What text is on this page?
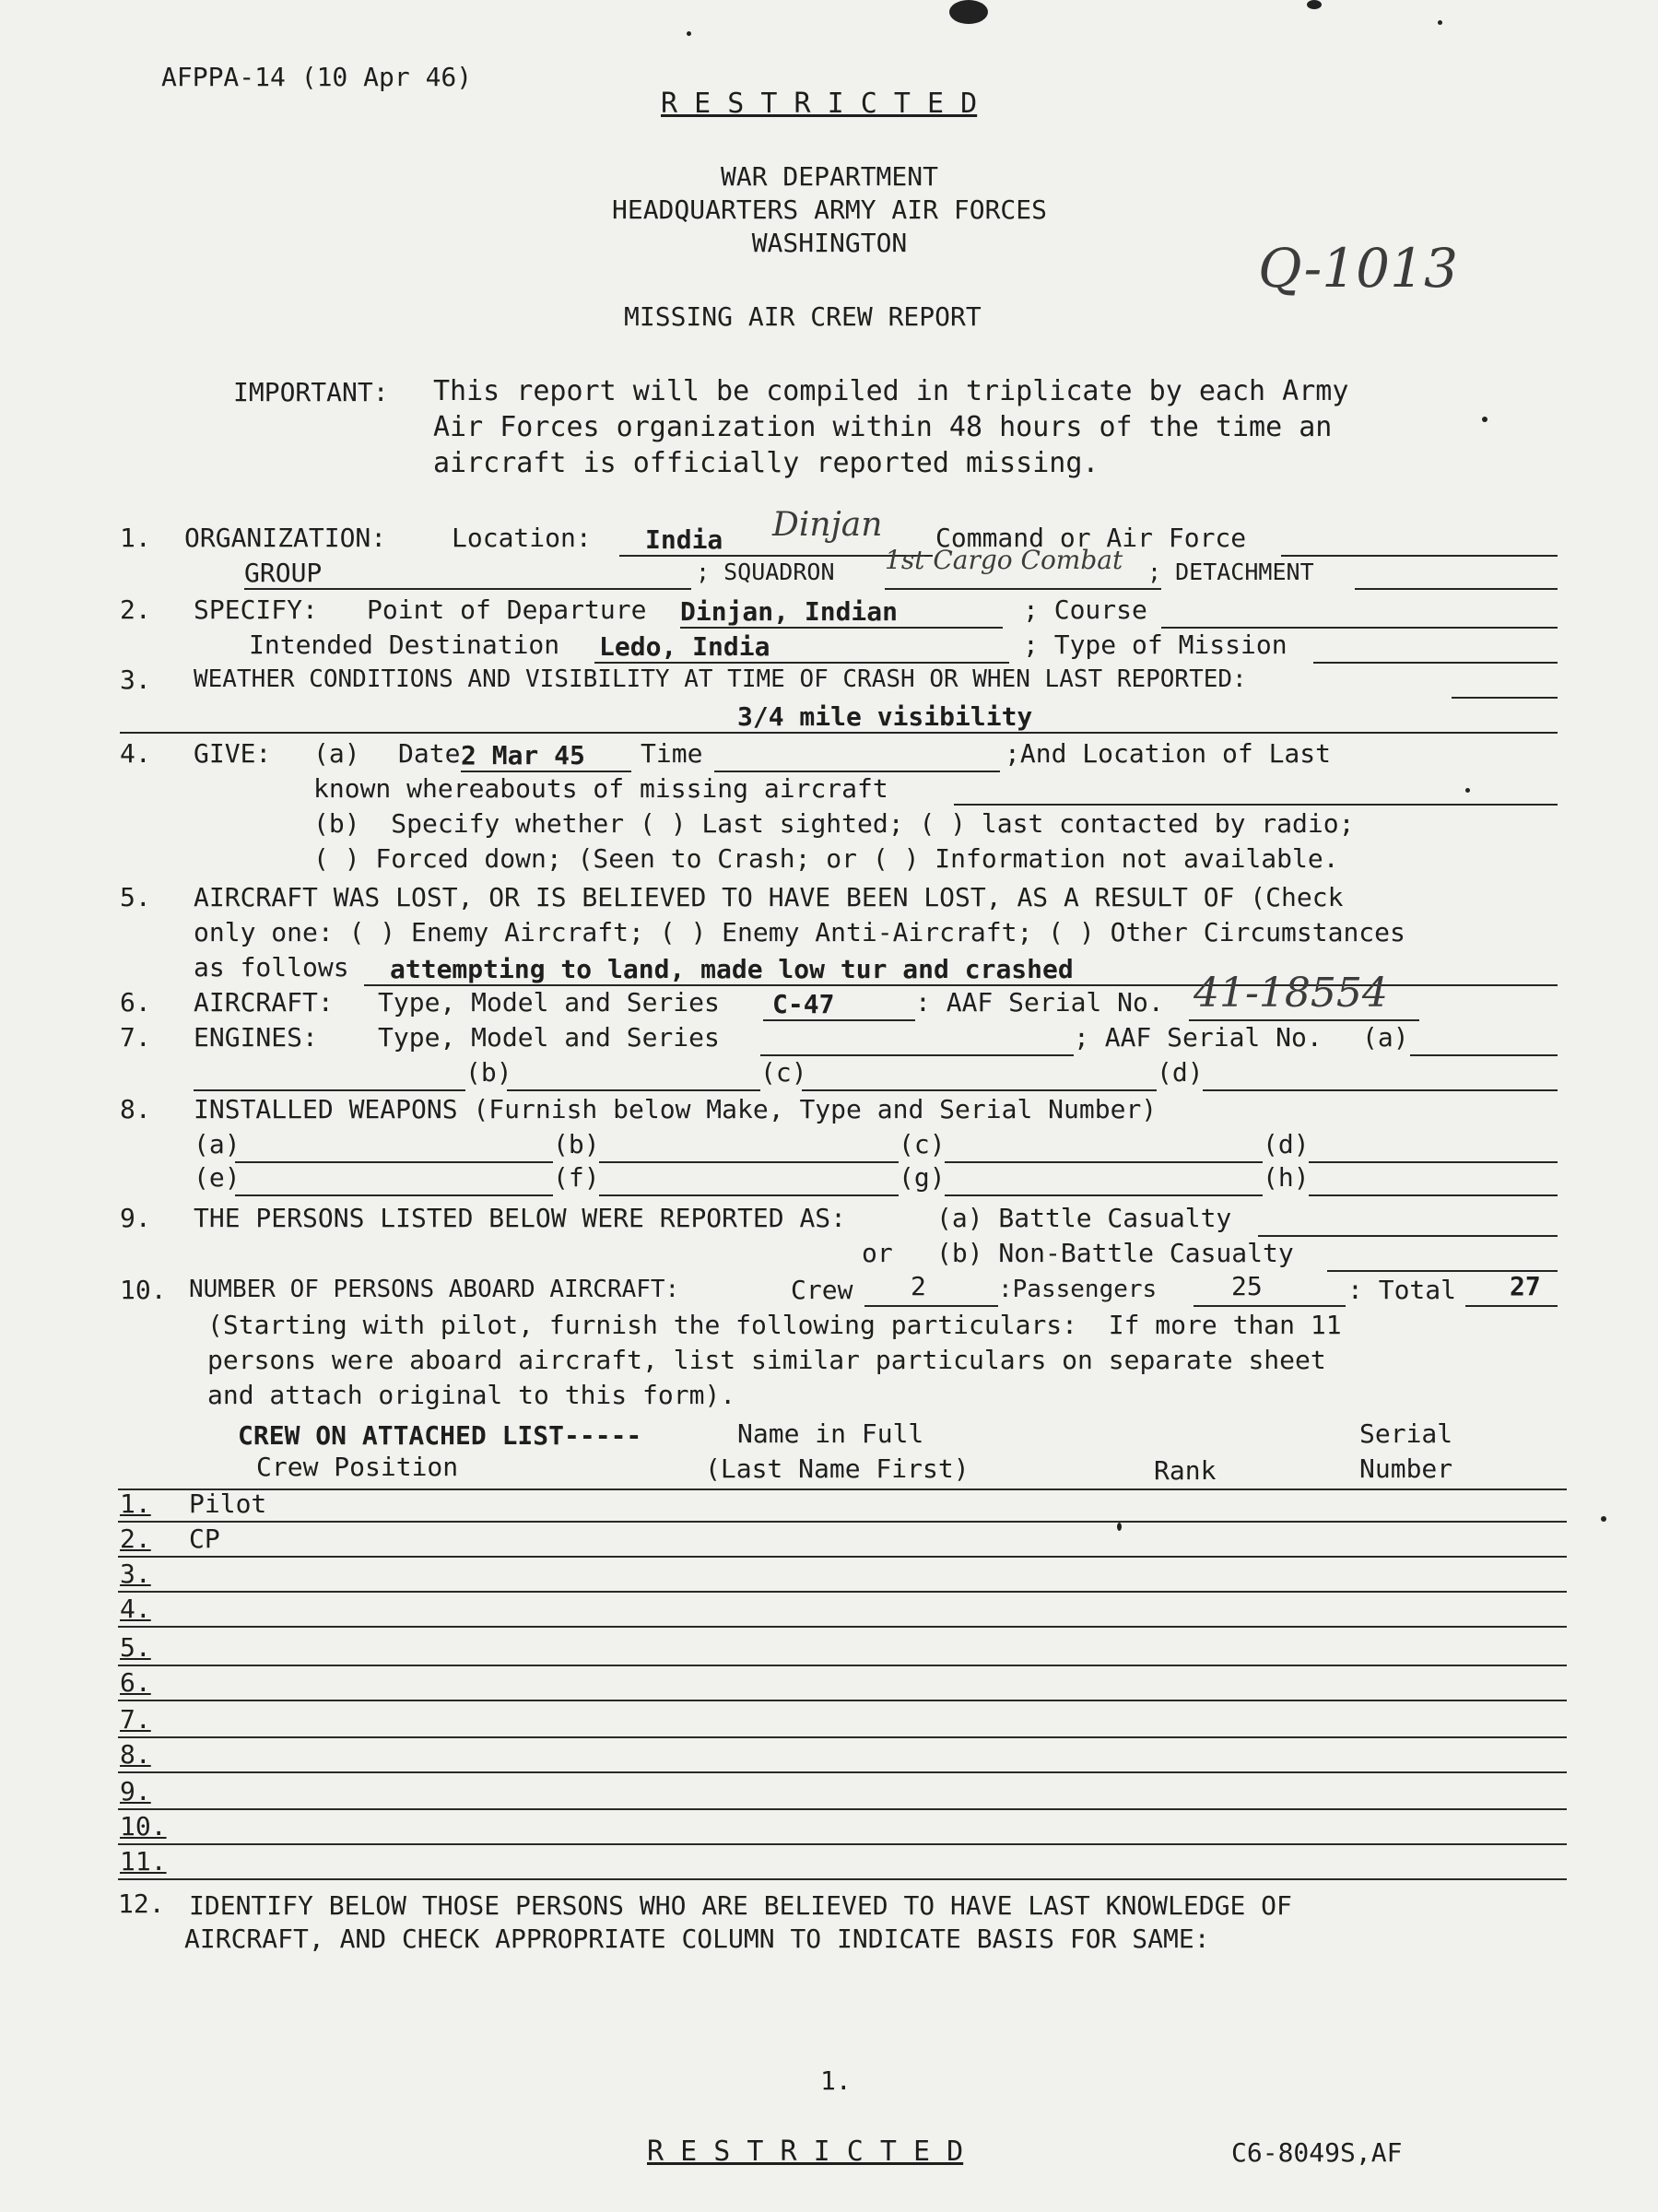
AFPPA-14 (10 Apr 46)
R E S T R I C T E D
WAR DEPARTMENT
HEADQUARTERS ARMY AIR FORCES
WASHINGTON	Q-1013
MISSING AIR CREW REPORT
IMPORTANT: This report will be compiled in triplicate by each Army
Air Forces organization within 48 hours of the time an
aircraft is officially reported missing.
1. ORGANIZATION:	Location: India Dinjan Command or Air Force
GROUP	; SQUADRON 1st Cargo Combat ; DETACHMENT
2. SPECIFY: Point of Departure Dinjan, Indian	; Course
Intended Destination Ledo, India	; Type of Mission
3. WEATHER CONDITIONS AND VISIBILITY AT TIME OF CRASH OR WHEN LAST REPORTED:
3/4 mile visibility
4. GIVE: (a) Date 2 Mar 45 Time	;And Location of Last
known whereabouts of missing aircraft
(b)  Specify whether ( ) Last sighted; ( ) last contacted by radio;
( ) Forced down; (Seen to Crash; or ( ) Information not available.
5. AIRCRAFT WAS LOST, OR IS BELIEVED TO HAVE BEEN LOST, AS A RESULT OF (Check
only one: ( ) Enemy Aircraft; ( ) Enemy Anti-Aircraft; ( ) Other Circumstances
as follows attempting to land, made low tur and crashed
6. AIRCRAFT: Type, Model and Series C-47	: AAF Serial No. 41-18554
7. ENGINES: Type, Model and Series	; AAF Serial No. (a)
(b)	(c)	(d)
8. INSTALLED WEAPONS (Furnish below Make, Type and Serial Number)
(a)	(b)	(c)	(d)
(e)	(f)	(g)	(h)
9. THE PERSONS LISTED BELOW WERE REPORTED AS:	(a) Battle Casualty
or (b) Non-Battle Casualty
10. NUMBER OF PERSONS ABOARD AIRCRAFT:	Crew 2	:Passengers	25	: Total 27
(Starting with pilot, furnish the following particulars:  If more than 11
persons were aboard aircraft, list similar particulars on separate sheet
and attach original to this form).
CREW ON ATTACHED LIST-----	Name in Full	Serial
Crew Position	(Last Name First)	Rank	Number
1. Pilot
2. CP
3.
4.
5.
6.
7.
8.
9.
10.
11.
12. IDENTIFY BELOW THOSE PERSONS WHO ARE BELIEVED TO HAVE LAST KNOWLEDGE OF
AIRCRAFT, AND CHECK APPROPRIATE COLUMN TO INDICATE BASIS FOR SAME:
1.
R E S T R I C T E D	C6-8049S,AF
